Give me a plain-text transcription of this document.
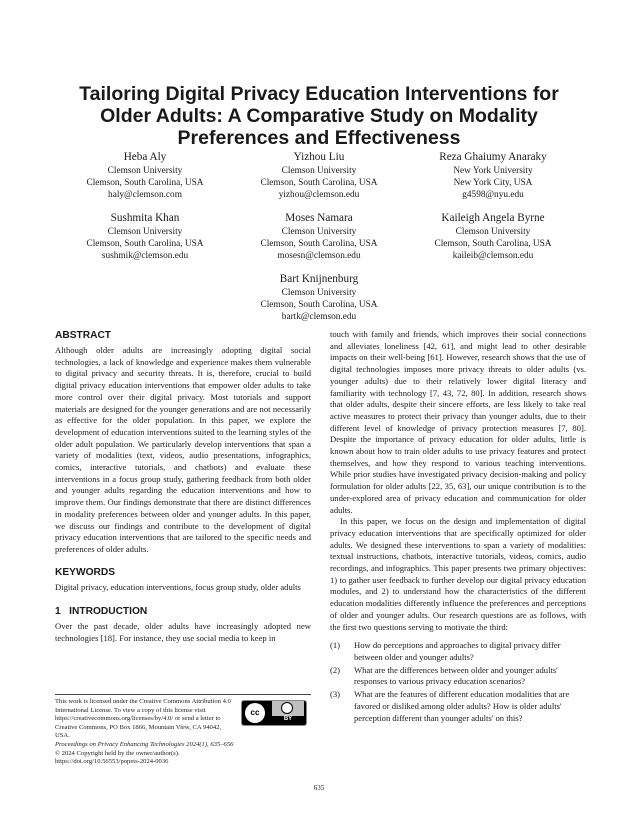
Tailoring Digital Privacy Education Interventions for Older Adults: A Comparative Study on Modality Preferences and Effectiveness
Heba Aly
Clemson University
Clemson, South Carolina, USA
haly@clemson.com
Yizhou Liu
Clemson University
Clemson, South Carolina, USA
yizhou@clemson.edu
Reza Ghaiumy Anaraky
New York University
New York City, USA
g4598@nyu.edu
Sushmita Khan
Clemson University
Clemson, South Carolina, USA
sushmik@clemson.edu
Moses Namara
Clemson University
Clemson, South Carolina, USA
mosesn@clemson.edu
Kaileigh Angela Byrne
Clemson University
Clemson, South Carolina, USA
kaileib@clemson.edu
Bart Knijnenburg
Clemson University
Clemson, South Carolina, USA
bartk@clemson.edu
ABSTRACT

Although older adults are increasingly adopting digital social technologies, a lack of knowledge and experience makes them vulnerable to digital privacy and security threats. It is, therefore, crucial to build digital privacy education interventions that empower older adults to take more control over their digital privacy. Most tutorials and support materials are designed for the younger generations and are not necessarily as effective for the older population. In this paper, we explore the development of education interventions suited to the learning styles of the older adult population. We particularly develop interventions that span a variety of modalities (text, videos, audio presentations, infographics, comics, interactive tutorials, and chatbots) and evaluate these interventions in a focus group study, gathering feedback from both older and younger adults regarding the education interventions and how to improve them. Our findings demonstrate that there are distinct differences in modality preferences between older and younger adults. In this paper, we discuss our findings and contribute to the development of digital privacy education interventions that are tailored to the specific needs and preferences of older adults.

KEYWORDS

Digital privacy, education interventions, focus group study, older adults

1 INTRODUCTION

Over the past decade, older adults have increasingly adopted new technologies [18]. For instance, they use social media to keep in

This work is licensed under the Creative Commons Attribution 4.0 International License. To view a copy of this license visit https://creativecommons.org/licenses/by/4.0/ or send a letter to Creative Commons, PO Box 1866, Mountain View, CA 94042, USA.
Proceedings on Privacy Enhancing Technologies 2024(1), 635–656
© 2024 Copyright held by the owner/author(s).
https://doi.org/10.56553/popets-2024-0036
cc
BY

touch with family and friends, which improves their social connections and alleviates loneliness [42, 61], and might lead to other desirable impacts on their well-being [61]. However, research shows that the use of digital technologies imposes more privacy threats to older adults (vs. younger adults) due to their relatively lower digital literacy and familiarity with technology [7, 43, 72, 80]. In addition, research shows that older adults, despite their sincere efforts, are less likely to take real active measures to protect their privacy than younger adults, due to their different level of knowledge of privacy protection measures [7, 80]. Despite the importance of privacy education for older adults, little is known about how to train older adults to use privacy features and protect themselves, and how they respond to various teaching interventions. While prior studies have investigated privacy decision-making and policy formulation for older adults [22, 35, 63], our unique contribution is to the under-explored area of privacy education and communication for older adults.

In this paper, we focus on the design and implementation of digital privacy education interventions that are specifically optimized for older adults. We designed these interventions to span a variety of modalities: textual instructions, chatbots, interactive tutorials, videos, comics, audio recordings, and infographics. This paper presents two primary objectives: 1) to gather user feedback to further develop our digital privacy education modules, and 2) to understand how the characteristics of the different education modalities differently influence the preferences and perceptions of older and younger adults. Our research questions are as follows, with the first two questions serving to motivate the third:

(1) How do perceptions and approaches to digital privacy differ between older and younger adults?
(2) What are the differences between older and younger adults' responses to various privacy education scenarios?
(3) What are the features of different education modalities that are favored or disliked among older adults? How is older adults' perception different than younger adults' on this?
635
